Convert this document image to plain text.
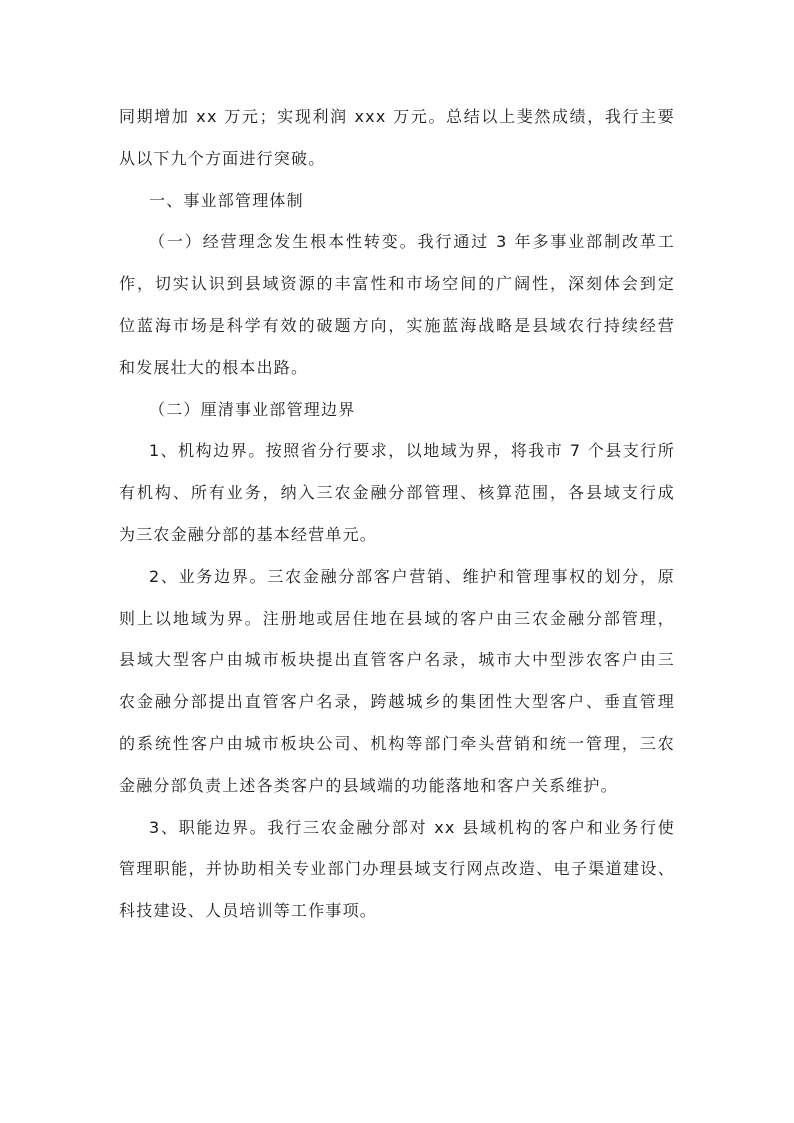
同期增加 xx 万元；实现利润 xxx 万元。总结以上斐然成绩，我行主要
从以下九个方面进行突破。
一、事业部管理体制
（一）经营理念发生根本性转变。我行通过 3 年多事业部制改革工
作，切实认识到县域资源的丰富性和市场空间的广阔性，深刻体会到定
位蓝海市场是科学有效的破题方向，实施蓝海战略是县域农行持续经营
和发展壮大的根本出路。
（二）厘清事业部管理边界
1、机构边界。按照省分行要求，以地域为界，将我市 7 个县支行所
有机构、所有业务，纳入三农金融分部管理、核算范围，各县域支行成
为三农金融分部的基本经营单元。
2、业务边界。三农金融分部客户营销、维护和管理事权的划分，原
则上以地域为界。注册地或居住地在县域的客户由三农金融分部管理，
县域大型客户由城市板块提出直管客户名录，城市大中型涉农客户由三
农金融分部提出直管客户名录，跨越城乡的集团性大型客户、垂直管理
的系统性客户由城市板块公司、机构等部门牵头营销和统一管理，三农
金融分部负责上述各类客户的县域端的功能落地和客户关系维护。
3、职能边界。我行三农金融分部对 xx 县域机构的客户和业务行使
管理职能，并协助相关专业部门办理县域支行网点改造、电子渠道建设、
科技建设、人员培训等工作事项。
